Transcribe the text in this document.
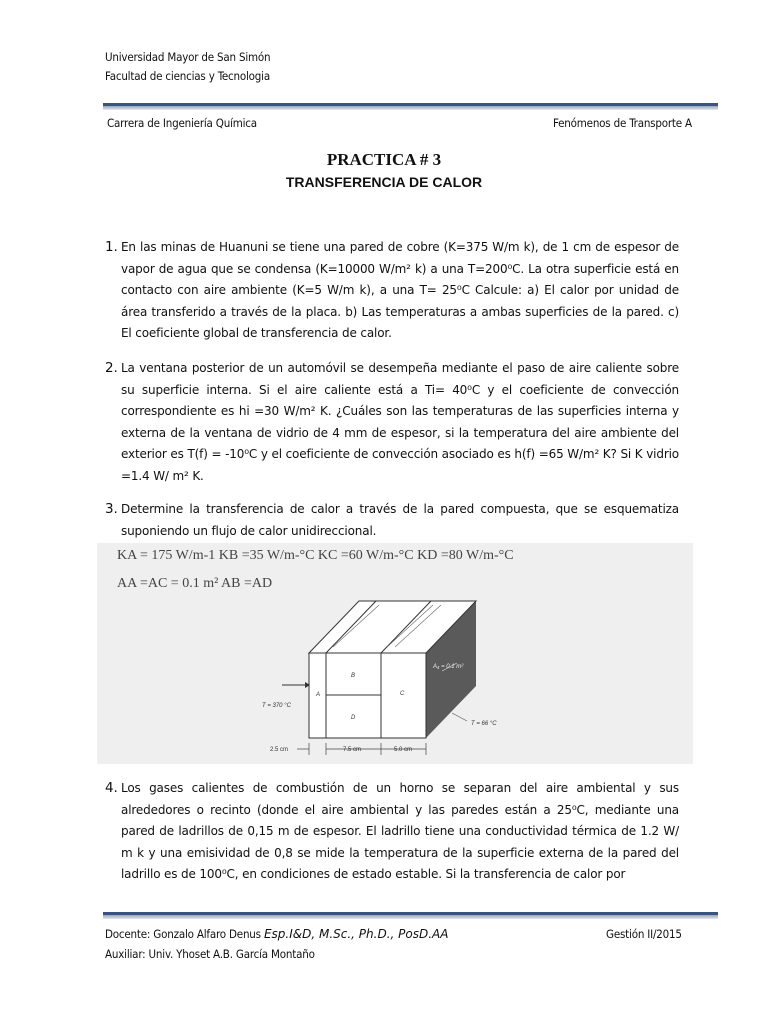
Universidad Mayor de San Simón
Facultad de ciencias y Tecnologia
Carrera de Ingeniería Química	Fenómenos de Transporte A
PRACTICA # 3
TRANSFERENCIA DE CALOR
1. En las minas de Huanuni se tiene una pared de cobre (K=375 W/m k), de 1 cm de espesor de vapor de agua que se condensa (K=10000 W/m² k) a una T=200⁰C. La otra superficie está en contacto con aire ambiente (K=5 W/m k), a una T= 25⁰C Calcule: a) El calor por unidad de área transferido a través de la placa. b) Las temperaturas a ambas superficies de la pared. c) El coeficiente global de transferencia de calor.
2. La ventana posterior de un automóvil se desempeña mediante el paso de aire caliente sobre su superficie interna. Si el aire caliente está a Ti= 40⁰C y el coeficiente de convección correspondiente es hi =30 W/m² K. ¿Cuáles son las temperaturas de las superficies interna y externa de la ventana de vidrio de 4 mm de espesor, si la temperatura del aire ambiente del exterior es T(f) = -10⁰C y el coeficiente de convección asociado es h(f) =65 W/m² K? Si K vidrio =1.4 W/ m² K.
3. Determine la transferencia de calor a través de la pared compuesta, que se esquematiza suponiendo un flujo de calor unidireccional.
KA = 175 W/m-1 KB =35 W/m-°C KC =60 W/m-°C KD =80 W/m-°C
AA =AC = 0.1 m² AB =AD
A
B
C
D
A₄ = 0.1 m²
T = 370 °C
T = 66 °C
2.5 cm	7.5 cm	5.0 cm
4. Los gases calientes de combustión de un horno se separan del aire ambiental y sus alrededores o recinto (donde el aire ambiental y las paredes están a 25⁰C, mediante una pared de ladrillos de 0,15 m de espesor. El ladrillo tiene una conductividad térmica de 1.2 W/ m k y una emisividad de 0,8 se mide la temperatura de la superficie externa de la pared del ladrillo es de 100⁰C, en condiciones de estado estable. Si la transferencia de calor por
Docente: Gonzalo Alfaro Denus Esp.I&D, M.Sc., Ph.D., PosD.AA	Gestión II/2015
Auxiliar: Univ. Yhoset A.B. García Montaño
